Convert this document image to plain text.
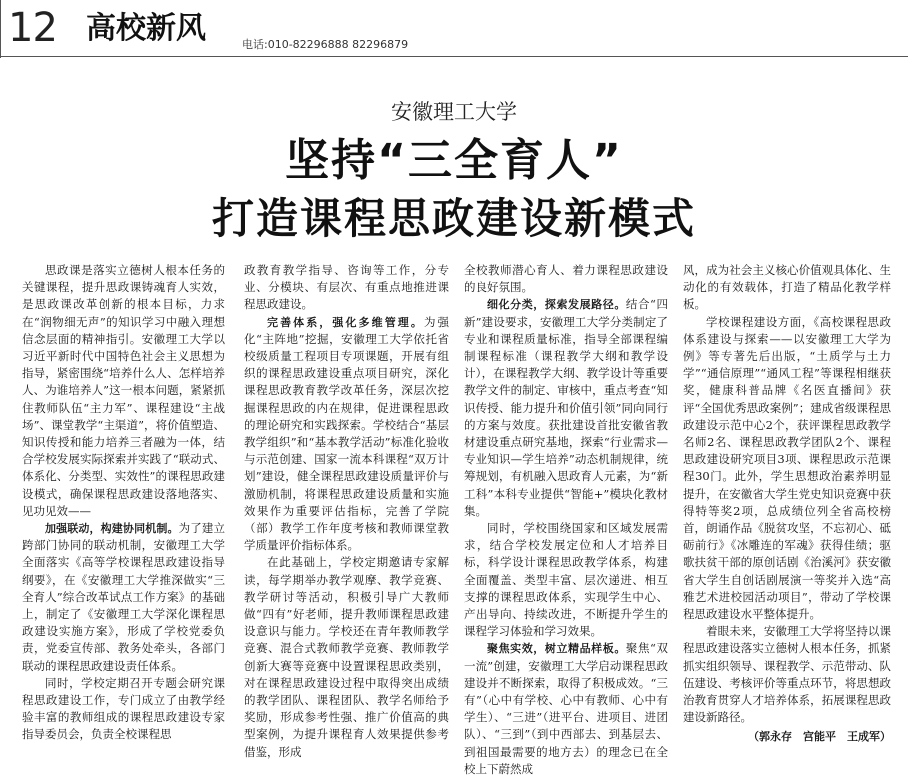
12 高校新风	电话:010-82296888 82296879
安徽理工大学
坚持“三全育人”
打造课程思政建设新模式

思政课是落实立德树人根本任务的关键课程，提升思政课铸魂育人实效，是思政课改革创新的根本目标，力求在“润物细无声”的知识学习中融入理想信念层面的精神指引。安徽理工大学以习近平新时代中国特色社会主义思想为指导，紧密围绕“培养什么人、怎样培养人、为谁培养人”这一根本问题，紧紧抓住教师队伍“主力军”、课程建设“主战场”、课堂教学“主渠道”，将价值塑造、知识传授和能力培养三者融为一体，结合学校发展实际探索并实践了“联动式、体系化、分类型、实效性”的课程思政建设模式，确保课程思政建设落地落实、见功见效——

加强联动，构建协同机制。为了建立跨部门协同的联动机制，安徽理工大学全面落实《高等学校课程思政建设指导纲要》，在《安徽理工大学推深做实“三全育人”综合改革试点工作方案》的基础上，制定了《安徽理工大学深化课程思政建设实施方案》，形成了学校党委负责，党委宣传部、教务处牵头，各部门联动的课程思政建设责任体系。

同时，学校定期召开专题会研究课程思政建设工作，专门成立了由教学经验丰富的教师组成的课程思政建设专家指导委员会，负责全校课程思

政教育教学指导、咨询等工作，分专业、分模块、有层次、有重点地推进课程思政建设。

完善体系，强化多维管理。为强化“主阵地”挖掘，安徽理工大学依托省校级质量工程项目专项课题，开展有组织的课程思政建设重点项目研究，深化课程思政教育教学改革任务，深层次挖掘课程思政的内在规律，促进课程思政的理论研究和实践探索。学校结合“基层教学组织”和“基本教学活动”标准化验收与示范创建、国家一流本科课程“双万计划”建设，健全课程思政建设质量评价与激励机制，将课程思政建设质量和实施效果作为重要评估指标，完善了学院（部）教学工作年度考核和教师课堂教学质量评价指标体系。

在此基础上，学校定期邀请专家解读，每学期举办教学观摩、教学竞赛、教学研讨等活动，积极引导广大教师做“四有”好老师，提升教师课程思政建设意识与能力。学校还在青年教师教学竞赛、混合式教师教学竞赛、教师教学创新大赛等竞赛中设置课程思政类别，对在课程思政建设过程中取得突出成绩的教学团队、课程团队、教学名师给予奖励，形成参考性强、推广价值高的典型案例，为提升课程育人效果提供参考借鉴，形成

全校教师潜心育人、着力课程思政建设的良好氛围。

细化分类，探索发展路径。结合“四新”建设要求，安徽理工大学分类制定了专业和课程质量标准，指导全部课程编制课程标准（课程教学大纲和教学设计），在课程教学大纲、教学设计等重要教学文件的制定、审核中，重点考查“知识传授、能力提升和价值引领”同向同行的方案与效度。获批建设首批安徽省教材建设重点研究基地，探索“行业需求—专业知识—学生培养”动态机制规律，统筹规划，有机融入思政育人元素，为“新工科”本科专业提供“智能+”模块化教材集。

同时，学校围绕国家和区域发展需求，结合学校发展定位和人才培养目标，科学设计课程思政教学体系，构建全面覆盖、类型丰富、层次递进、相互支撑的课程思政体系，实现学生中心、产出导向、持续改进，不断提升学生的课程学习体验和学习效果。

聚焦实效，树立精品样板。聚焦“双一流”创建，安徽理工大学启动课程思政建设并不断探索，取得了积极成效。“三有”（心中有学校、心中有教师、心中有学生）、“三进”（进平台、进项目、进团队）、“三到”（到中西部去、到基层去、到祖国最需要的地方去）的理念已在全校上下蔚然成

风，成为社会主义核心价值观具体化、生动化的有效载体，打造了精品化教学样板。

学校课程建设方面，《高校课程思政体系建设与探索——以安徽理工大学为例》等专著先后出版，“土质学与土力学”“通信原理”“通风工程”等课程相继获奖，健康科普品牌《名医直播间》获评“全国优秀思政案例”；建成省级课程思政建设示范中心2个，获评课程思政教学名师2名、课程思政教学团队2个、课程思政建设研究项目3项、课程思政示范课程30门。此外，学生思想政治素养明显提升，在安徽省大学生党史知识竞赛中获得特等奖2项，总成绩位列全省高校榜首，朗诵作品《脱贫攻坚，不忘初心、砥砺前行》《冰雕连的军魂》获得佳绩；驱歌扶贫干部的原创话剧《治溪河》获安徽省大学生自创话剧展演一等奖并入选“高雅艺术进校园活动项目”，带动了学校课程思政建设水平整体提升。

着眼未来，安徽理工大学将坚持以课程思政建设落实立德树人根本任务，抓紧抓实组织领导、课程教学、示范带动、队伍建设、考核评价等重点环节，将思想政治教育贯穿人才培养体系，拓展课程思政建设新路径。

（郭永存　宫能平　王成军）
